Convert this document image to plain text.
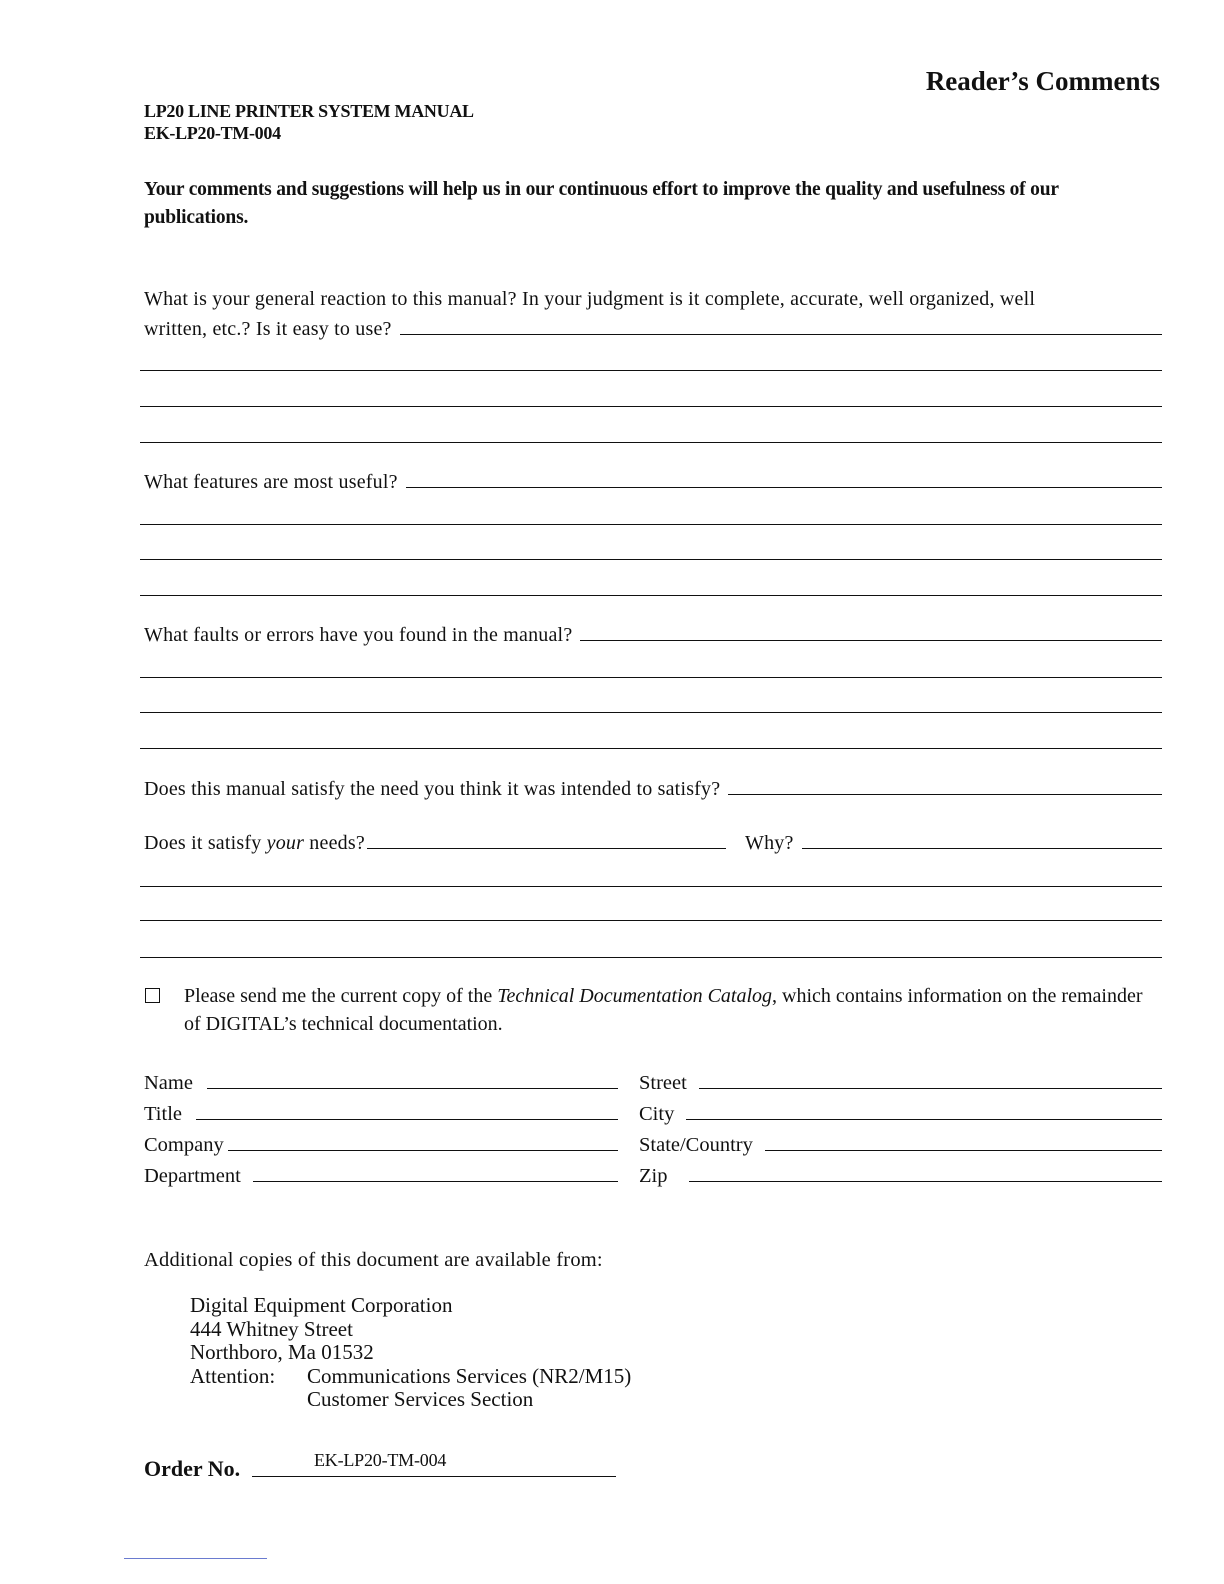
Reader’s Comments
LP20 LINE PRINTER SYSTEM MANUAL
EK-LP20-TM-004
Your comments and suggestions will help us in our continuous effort to improve the quality and usefulness of our publications.
What is your general reaction to this manual? In your judgment is it complete, accurate, well organized, well
written, etc.? Is it easy to use?
What features are most useful?
What faults or errors have you found in the manual?
Does this manual satisfy the need you think it was intended to satisfy?
Does it satisfy your needs?	Why?
Please send me the current copy of the Technical Documentation Catalog, which contains information on the remainder of DIGITAL’s technical documentation.
Name
Title
Company
Department
Street
City
State/Country
Zip
Additional copies of this document are available from:
Digital Equipment Corporation
444 Whitney Street
Northboro, Ma 01532
Attention: Communications Services (NR2/M15)
Customer Services Section
Order No.	EK-LP20-TM-004
